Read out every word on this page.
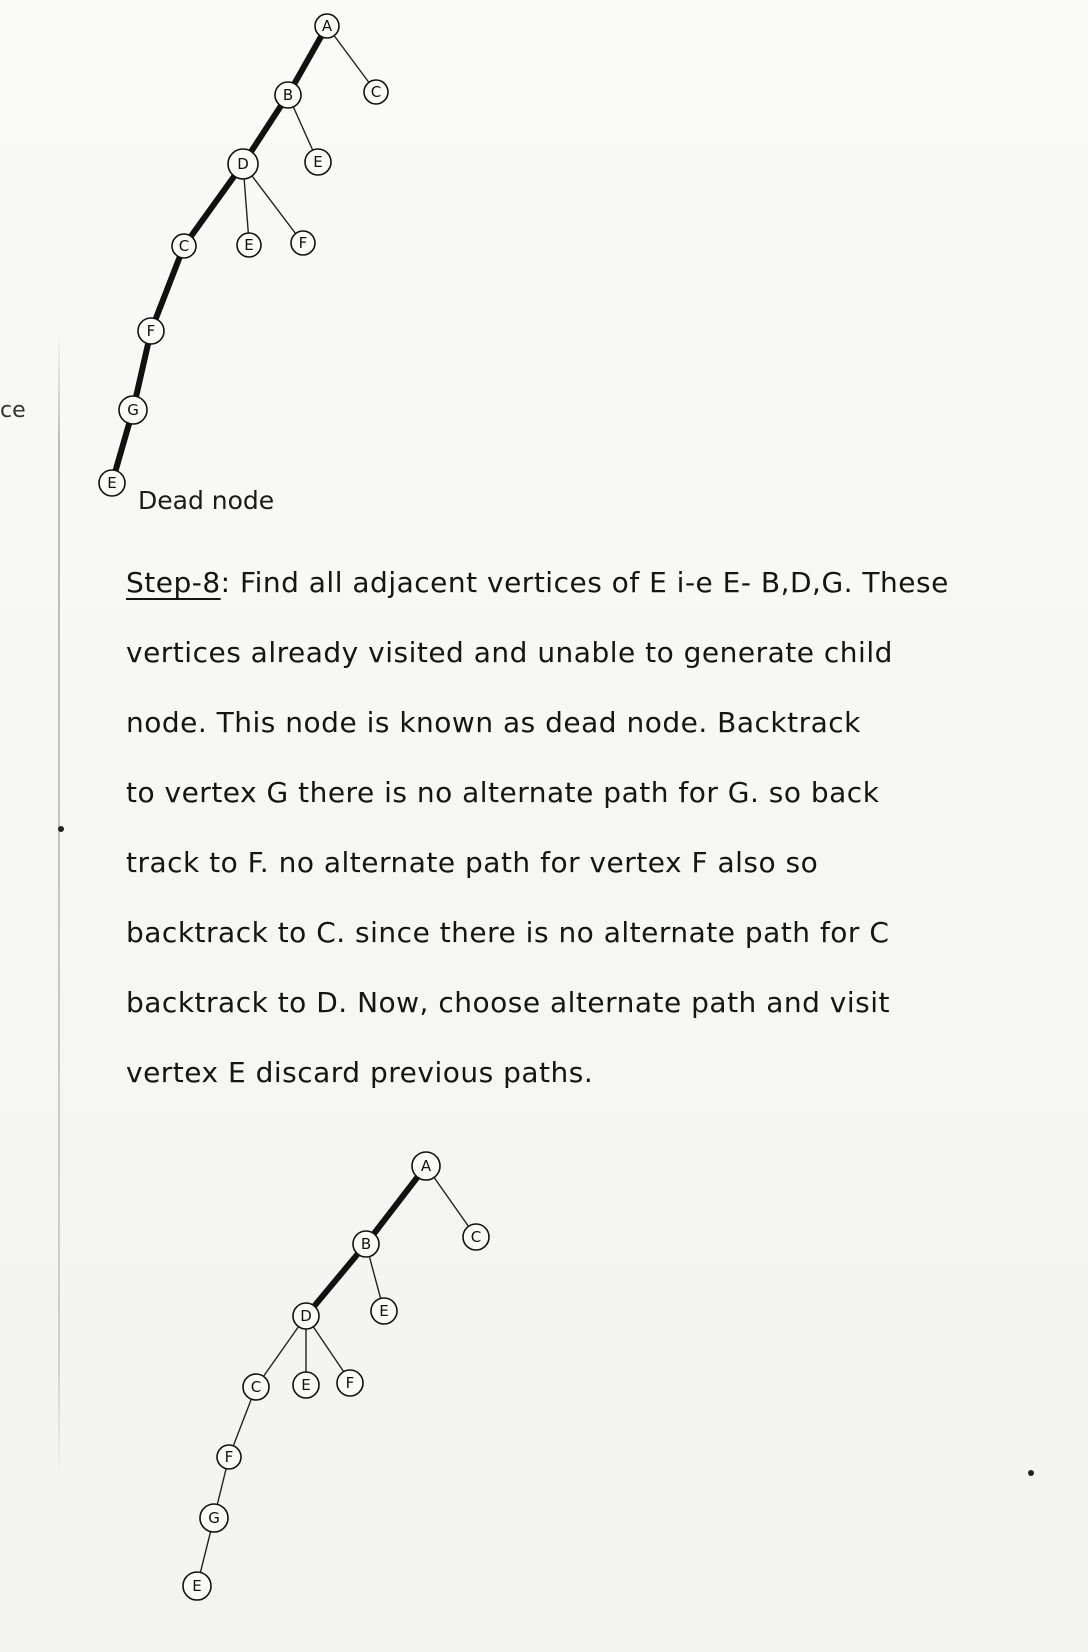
ce
A
B	C
D	E
C	E	F
F
G
E
Dead node
Step-8: Find all adjacent vertices of E i-e E- B,D,G. These
vertices already visited and unable to generate child
node. This node is known as dead node. Backtrack
to vertex G there is no alternate path for G. so back
track to F. no alternate path for vertex F also so
backtrack to C. since there is no alternate path for C
backtrack to D. Now, choose alternate path and visit
vertex E discard previous paths.
A
B	C
D	E
C	E F
F
G
E
